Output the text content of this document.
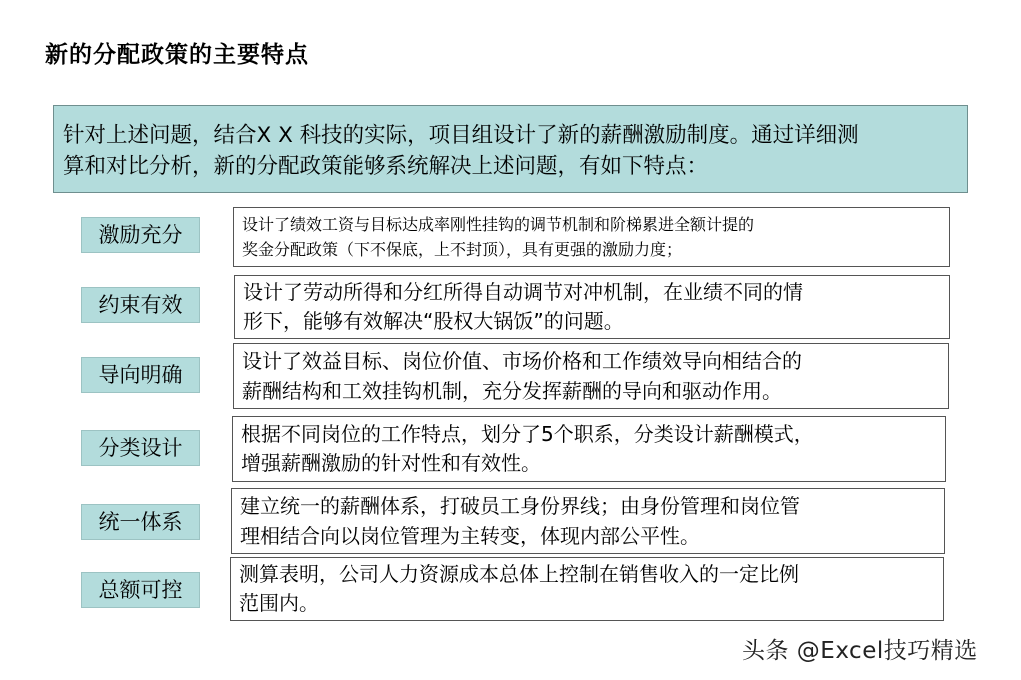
新的分配政策的主要特点
针对上述问题，结合X X 科技的实际，项目组设计了新的薪酬激励制度。通过详细测
算和对比分析，新的分配政策能够系统解决上述问题，有如下特点：
激励充分	设计了绩效工资与目标达成率刚性挂钩的调节机制和阶梯累进全额计提的
奖金分配政策（下不保底，上不封顶），具有更强的激励力度；
约束有效
设计了劳动所得和分红所得自动调节对冲机制，在业绩不同的情
形下，能够有效解决“股权大锅饭”的问题。
导向明确
设计了效益目标、岗位价值、市场价格和工作绩效导向相结合的
薪酬结构和工效挂钩机制，充分发挥薪酬的导向和驱动作用。
分类设计
根据不同岗位的工作特点，划分了5个职系，分类设计薪酬模式，
增强薪酬激励的针对性和有效性。
统一体系
建立统一的薪酬体系，打破员工身份界线；由身份管理和岗位管
理相结合向以岗位管理为主转变，体现内部公平性。
总额可控
测算表明，公司人力资源成本总体上控制在销售收入的一定比例
范围内。
头条 @Excel技巧精选
